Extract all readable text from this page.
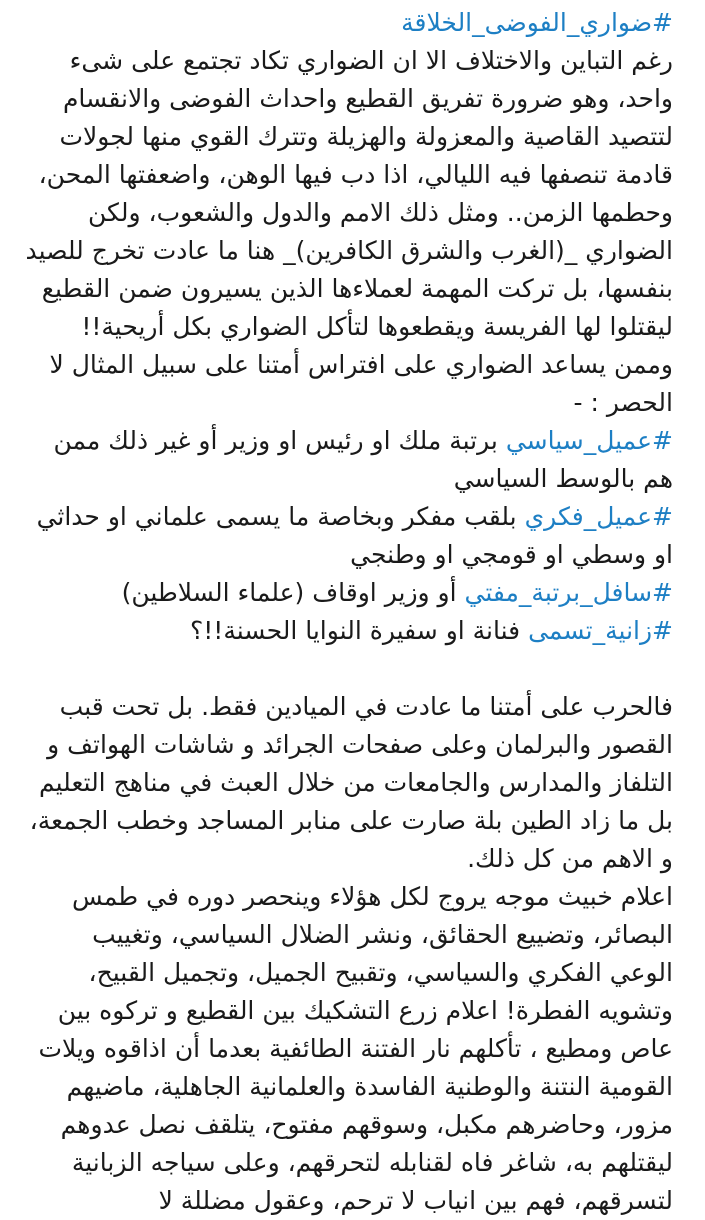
#ضواري_الفوضى_الخلاقة

رغم التباين والاختلاف الا ان الضواري تكاد تجتمع على شىء واحد، وهو ضرورة تفريق القطيع واحداث الفوضى والانقسام لتتصيد القاصية والمعزولة والهزيلة وتترك القوي منها لجولات قادمة تنصفها فيه الليالي، اذا دب فيها الوهن، واضعفتها المحن، وحطمها الزمن.. ومثل ذلك الامم والدول والشعوب، ولكن الضواري _(الغرب والشرق الكافرين)_ هنا ما عادت تخرج للصيد بنفسها، بل تركت المهمة لعملاءها الذين يسيرون ضمن القطيع ليقتلوا لها الفريسة ويقطعوها لتأكل الضواري بكل أريحية!! وممن يساعد الضواري على افتراس أمتنا على سبيل المثال لا الحصر : -

#عميل_سياسي برتبة ملك او رئيس او وزير أو غير ذلك ممن هم بالوسط السياسي
#عميل_فكري بلقب مفكر وبخاصة ما يسمى علماني او حداثي او وسطي او قومجي او وطنجي
#سافل_برتبة_مفتي أو وزير اوقاف (علماء السلاطين)
#زانية_تسمى فنانة او سفيرة النوايا الحسنة!!؟

فالحرب على أمتنا ما عادت في الميادين فقط. بل تحت قبب القصور والبرلمان وعلى صفحات الجرائد و شاشات الهواتف و التلفاز والمدارس والجامعات من خلال العبث في مناهج التعليم بل ما زاد الطين بلة صارت على منابر المساجد وخطب الجمعة، و الاهم من كل ذلك.

اعلام خبيث موجه يروج لكل هؤلاء وينحصر دوره في طمس البصائر، وتضييع الحقائق، ونشر الضلال السياسي، وتغييب الوعي الفكري والسياسي، وتقبيح الجميل، وتجميل القبيح، وتشويه الفطرة! اعلام زرع التشكيك بين القطيع و تركوه بين عاص ومطيع ، تأكلهم نار الفتنة الطائفية بعدما أن اذاقوه ويلات القومية النتنة والوطنية الفاسدة والعلمانية الجاهلية، ماضيهم مزور، وحاضرهم مكبل، وسوقهم مفتوح، يتلقف نصل عدوهم ليقتلهم به، شاغر فاه لقنابله لتحرقهم، وعلى سياجه الزبانية لتسرقهم، فهم بين انياب لا ترحم، وعقول مضللة لا
